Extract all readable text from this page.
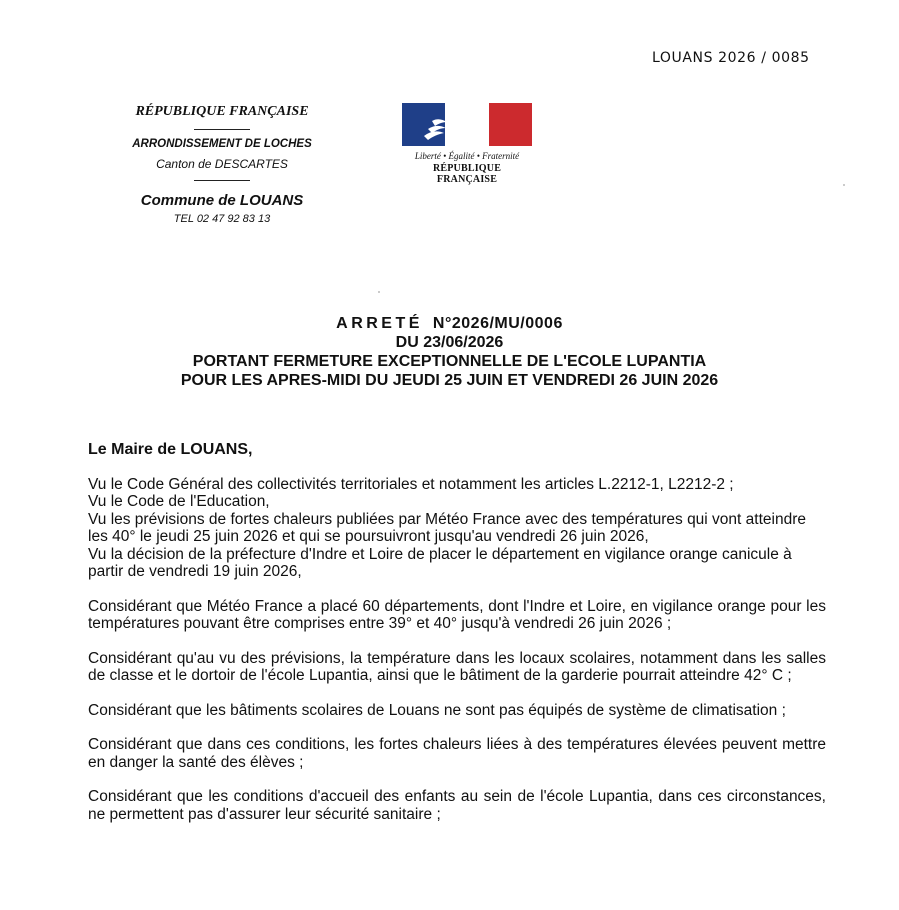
LOUANS 2026 / 0085
RÉPUBLIQUE FRANÇAISE
ARRONDISSEMENT DE LOCHES
Canton de DESCARTES
Commune de LOUANS
TEL 02 47 92 83 13
Liberté • Égalité • Fraternité
RÉPUBLIQUE FRANÇAISE
ARRETÉ N°2026/MU/0006
DU 23/06/2026
PORTANT FERMETURE EXCEPTIONNELLE DE L'ECOLE LUPANTIA
POUR LES APRES-MIDI DU JEUDI 25 JUIN ET VENDREDI 26 JUIN 2026
Le Maire de LOUANS,

Vu le Code Général des collectivités territoriales et notamment les articles L.2212-1, L2212-2 ;
Vu le Code de l'Education,
Vu les prévisions de fortes chaleurs publiées par Météo France avec des températures qui vont atteindre les 40° le jeudi 25 juin 2026 et qui se poursuivront jusqu'au vendredi 26 juin 2026,
Vu la décision de la préfecture d'Indre et Loire de placer le département en vigilance orange canicule à partir de vendredi 19 juin 2026,

Considérant que Météo France a placé 60 départements, dont l'Indre et Loire, en vigilance orange pour les températures pouvant être comprises entre 39° et 40° jusqu'à vendredi 26 juin 2026 ;

Considérant qu'au vu des prévisions, la température dans les locaux scolaires, notamment dans les salles de classe et le dortoir de l'école Lupantia, ainsi que le bâtiment de la garderie pourrait atteindre 42° C ;

Considérant que les bâtiments scolaires de Louans ne sont pas équipés de système de climatisation ;

Considérant que dans ces conditions, les fortes chaleurs liées à des températures élevées peuvent mettre en danger la santé des élèves ;

Considérant que les conditions d'accueil des enfants au sein de l'école Lupantia, dans ces circonstances, ne permettent pas d'assurer leur sécurité sanitaire ;
